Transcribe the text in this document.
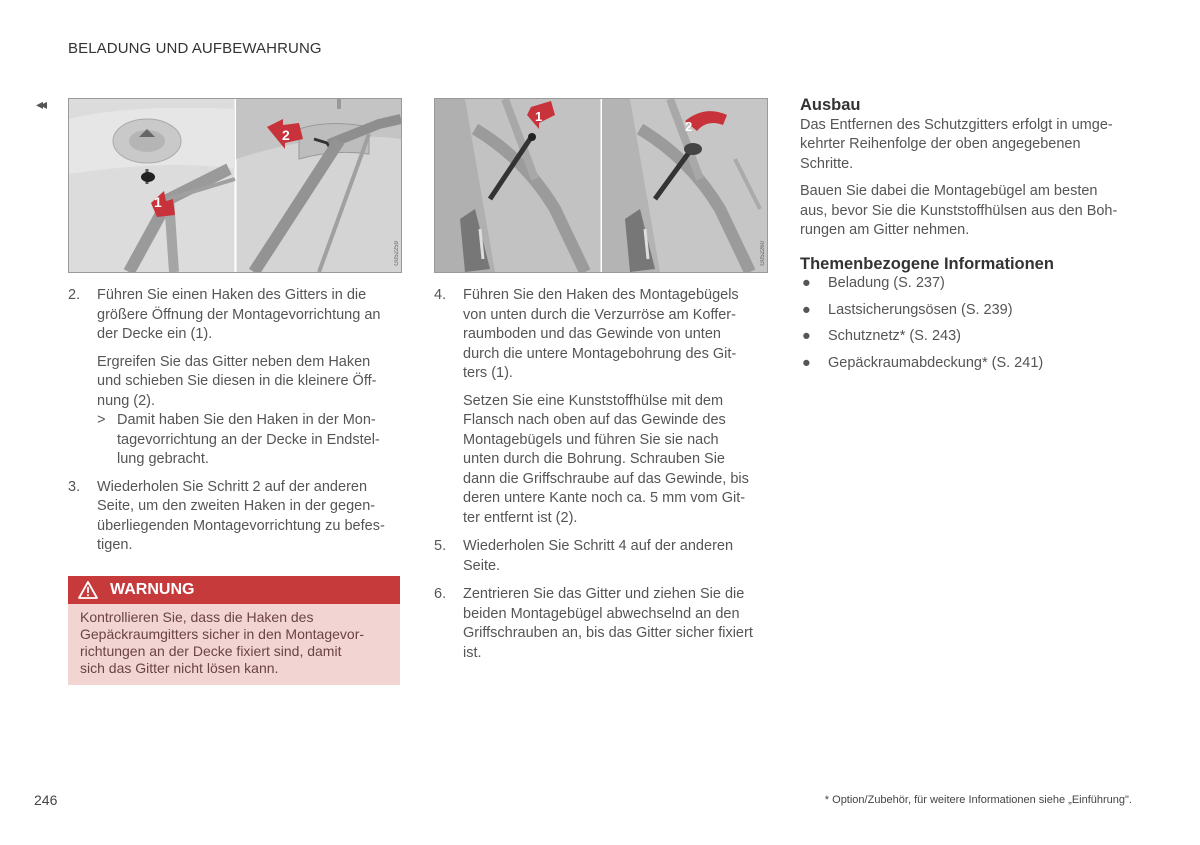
BELADUNG UND AUFBEWAHRUNG
◂◂
1
2
G052259
1
2
G052260
2. Führen Sie einen Haken des Gitters in die
größere Öffnung der Montagevorrichtung an
der Decke ein (1).
Ergreifen Sie das Gitter neben dem Haken
und schieben Sie diesen in die kleinere Öff-
nung (2).
> Damit haben Sie den Haken in der Mon-
tagevorrichtung an der Decke in Endstel-
lung gebracht.
3. Wiederholen Sie Schritt 2 auf der anderen
Seite, um den zweiten Haken in der gegen-
überliegenden Montagevorrichtung zu befes-
tigen.
WARNUNG
Kontrollieren Sie, dass die Haken des
Gepäckraumgitters sicher in den Montagevor-
richtungen an der Decke fixiert sind, damit
sich das Gitter nicht lösen kann.
4. Führen Sie den Haken des Montagebügels
von unten durch die Verzurröse am Koffer-
raumboden und das Gewinde von unten
durch die untere Montagebohrung des Git-
ters (1).
Setzen Sie eine Kunststoffhülse mit dem
Flansch nach oben auf das Gewinde des
Montagebügels und führen Sie sie nach
unten durch die Bohrung. Schrauben Sie
dann die Griffschraube auf das Gewinde, bis
deren untere Kante noch ca. 5 mm vom Git-
ter entfernt ist (2).
5. Wiederholen Sie Schritt 4 auf der anderen
Seite.
6. Zentrieren Sie das Gitter und ziehen Sie die
beiden Montagebügel abwechselnd an den
Griffschrauben an, bis das Gitter sicher fixiert
ist.
Ausbau
Das Entfernen des Schutzgitters erfolgt in umge-
kehrter Reihenfolge der oben angegebenen
Schritte.
Bauen Sie dabei die Montagebügel am besten
aus, bevor Sie die Kunststoffhülsen aus den Boh-
rungen am Gitter nehmen.
Themenbezogene Informationen
● Beladung (S. 237)
● Lastsicherungsösen (S. 239)
● Schutznetz* (S. 243)
● Gepäckraumabdeckung* (S. 241)
246	* Option/Zubehör, für weitere Informationen siehe „Einführung".
